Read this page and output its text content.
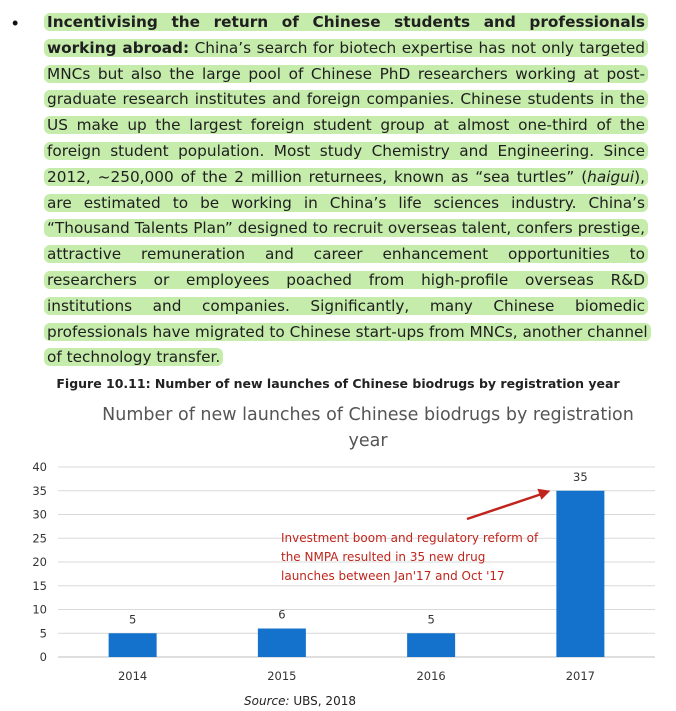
• Incentivising the return of Chinese students and professionals working abroad: China’s search for biotech expertise has not only targeted MNCs but also the large pool of Chinese PhD researchers working at post-graduate research institutes and foreign companies. Chinese students in the US make up the largest foreign student group at almost one-third of the foreign student population. Most study Chemistry and Engineering. Since 2012, ~250,000 of the 2 million returnees, known as “sea turtles” (haigui), are estimated to be working in China’s life sciences industry. China’s “Thousand Talents Plan” designed to recruit overseas talent, confers prestige, attractive remuneration and career enhancement opportunities to researchers or employees poached from high-profile overseas R&D institutions and companies. Significantly, many Chinese biomedic professionals have migrated to Chinese start-ups from MNCs, another channel of technology transfer.
Figure 10.11: Number of new launches of Chinese biodrugs by registration year
Number of new launches of Chinese biodrugs by registration year
0
5
10
15
20
25
30
35
40
5
2014
6
2015
5
2016
35
2017
Investment boom and regulatory reform of
the NMPA resulted in 35 new drug
launches between Jan'17 and Oct '17
Source: UBS, 2018
